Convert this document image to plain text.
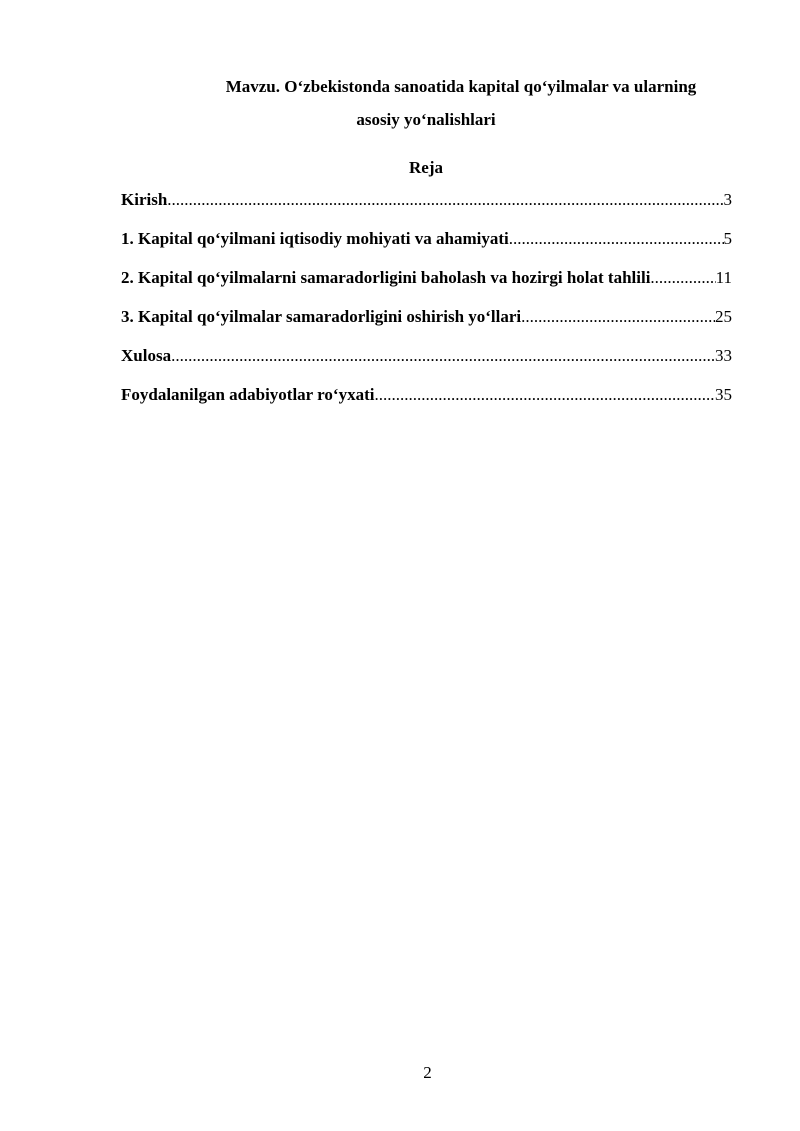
Mavzu. O‘zbekistonda sanoatida kapital qo‘yilmalar va ularning
asosiy yo‘nalishlari
Reja
Kirish .....	3
1. Kapital qo‘yilmani iqtisodiy mohiyati va ahamiyati .....	5
2. Kapital qo‘yilmalarni samaradorligini baholash va hozirgi holat tahlili .....	11
3. Kapital qo‘yilmalar samaradorligini oshirish yo‘llari .....	25
Xulosa .....	33
Foydalanilgan adabiyotlar ro‘yxati .....	35
2
